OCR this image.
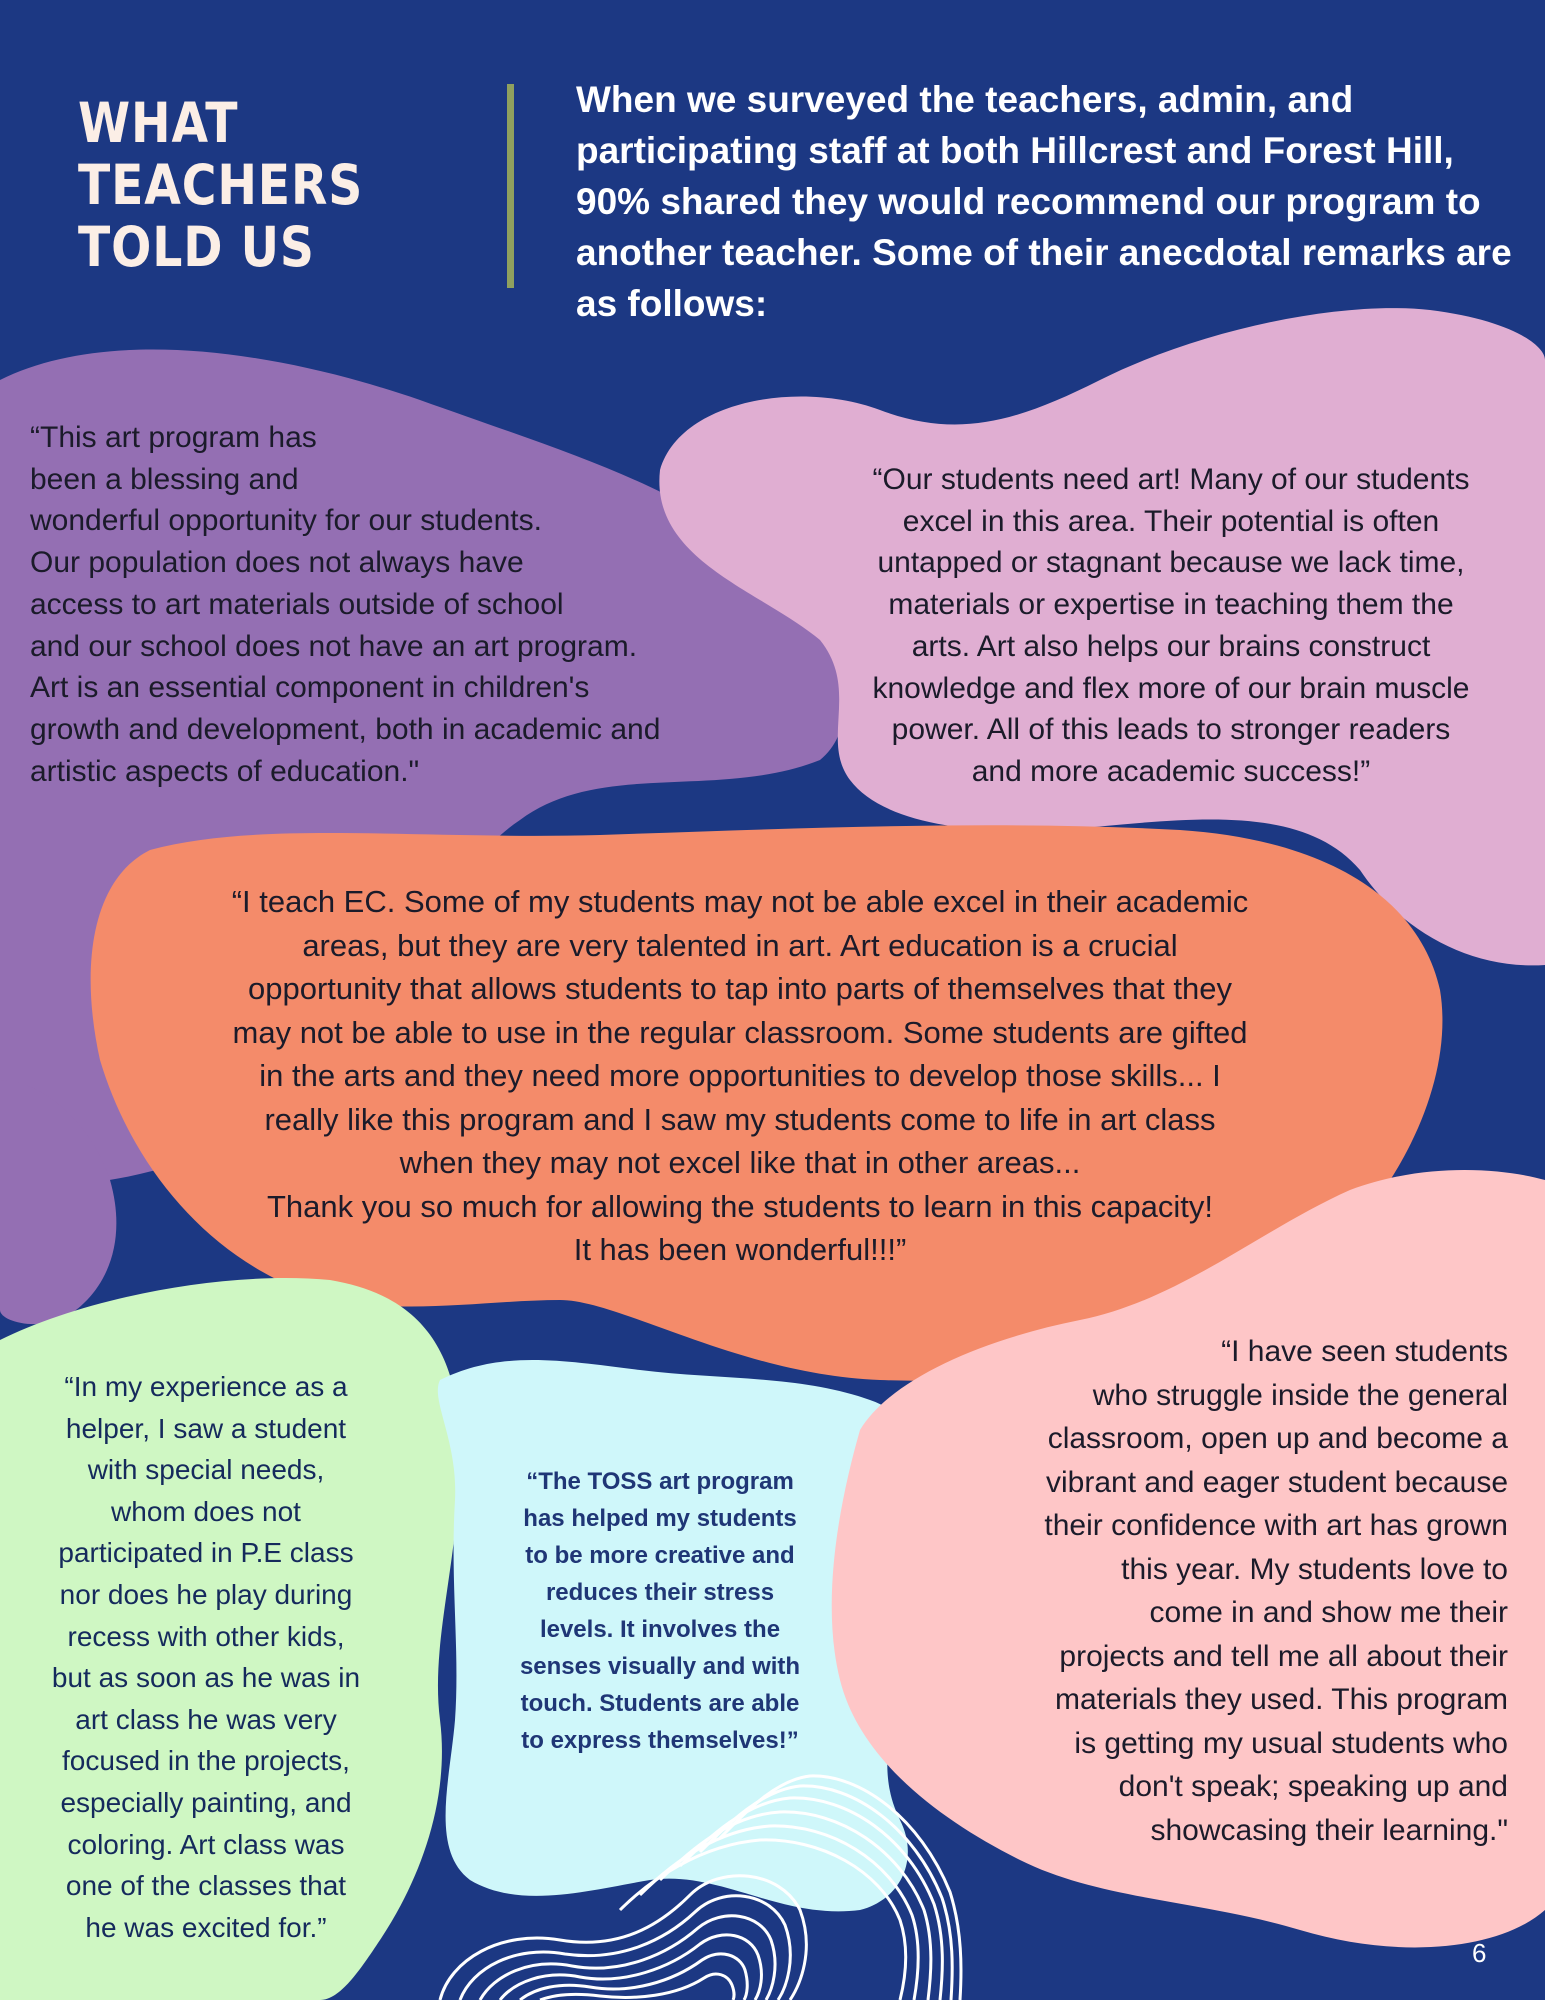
WHAT
TEACHERS
TOLD US

When we surveyed the teachers, admin, and participating staff at both Hillcrest and Forest Hill, 90% shared they would recommend our program to another teacher. Some of their anecdotal remarks are as follows:

“This art program has
been a blessing and
wonderful opportunity for our students.
Our population does not always have
access to art materials outside of school
and our school does not have an art program.
Art is an essential component in children's
growth and development, both in academic and
artistic aspects of education."
“Our students need art! Many of our students
excel in this area. Their potential is often
untapped or stagnant because we lack time,
materials or expertise in teaching them the
arts. Art also helps our brains construct
knowledge and flex more of our brain muscle
power. All of this leads to stronger readers
and more academic success!”
“I teach EC. Some of my students may not be able excel in their academic
areas, but they are very talented in art. Art education is a crucial
opportunity that allows students to tap into parts of themselves that they
may not be able to use in the regular classroom. Some students are gifted
in the arts and they need more opportunities to develop those skills... I
really like this program and I saw my students come to life in art class
when they may not excel like that in other areas...
Thank you so much for allowing the students to learn in this capacity!
It has been wonderful!!!”
“In my experience as a
helper, I saw a student
with special needs,
whom does not
participated in P.E class
nor does he play during
recess with other kids,
but as soon as he was in
art class he was very
focused in the projects,
especially painting, and
coloring. Art class was
one of the classes that
he was excited for.”
“The TOSS art program
has helped my students
to be more creative and
reduces their stress
levels. It involves the
senses visually and with
touch. Students are able
to express themselves!”
“I have seen students
who struggle inside the general
classroom, open up and become a
vibrant and eager student because
their confidence with art has grown
this year. My students love to
come in and show me their
projects and tell me all about their
materials they used. This program
is getting my usual students who
don't speak; speaking up and
showcasing their learning."
6
